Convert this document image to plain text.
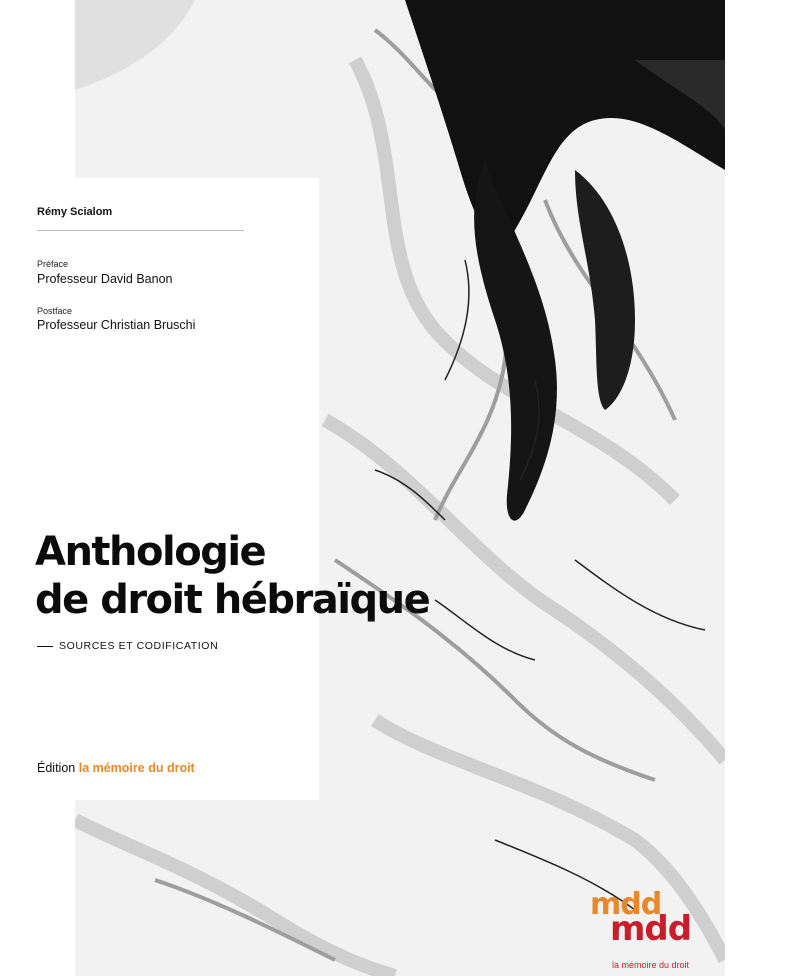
Rémy Scialom
Préface
Professeur David Banon
Postface
Professeur Christian Bruschi
Anthologie
de droit hébraïque
SOURCES ET CODIFICATION
Édition la mémoire du droit
mdd
mdd
la mémoire du droit
